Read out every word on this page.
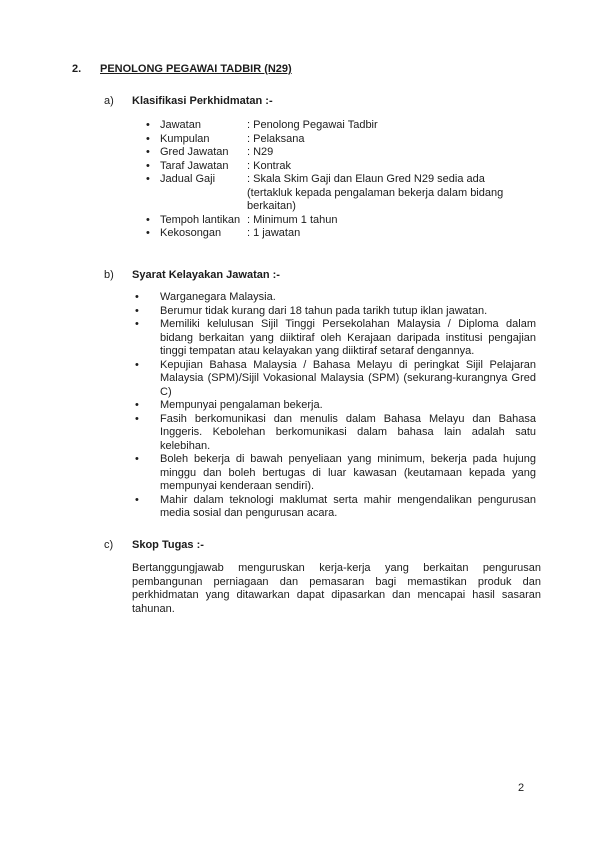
2.	PENOLONG PEGAWAI TADBIR (N29)
a)	Klasifikasi Perkhidmatan :-
• Jawatan	: Penolong Pegawai Tadbir
• Kumpulan	: Pelaksana
• Gred Jawatan	: N29
• Taraf Jawatan	: Kontrak
• Jadual Gaji	: Skala Skim Gaji dan Elaun Gred N29 sedia ada (tertakluk kepada pengalaman bekerja dalam bidang berkaitan)
• Tempoh lantikan : Minimum 1 tahun
• Kekosongan	: 1 jawatan
b)	Syarat Kelayakan Jawatan :-
•	Warganegara Malaysia.
•	Berumur tidak kurang dari 18 tahun pada tarikh tutup iklan jawatan.
•	Memiliki kelulusan Sijil Tinggi Persekolahan Malaysia / Diploma dalam bidang berkaitan yang diiktiraf oleh Kerajaan daripada institusi pengajian tinggi tempatan atau kelayakan yang diiktiraf setaraf dengannya.
•	Kepujian Bahasa Malaysia / Bahasa Melayu di peringkat Sijil Pelajaran Malaysia (SPM)/Sijil Vokasional Malaysia (SPM) (sekurang-kurangnya Gred C)
•	Mempunyai pengalaman bekerja.
•	Fasih berkomunikasi dan menulis dalam Bahasa Melayu dan Bahasa Inggeris. Kebolehan berkomunikasi dalam bahasa lain adalah satu kelebihan.
•	Boleh bekerja di bawah penyeliaan yang minimum, bekerja pada hujung minggu dan boleh bertugas di luar kawasan (keutamaan kepada yang mempunyai kenderaan sendiri).
•	Mahir dalam teknologi maklumat serta mahir mengendalikan pengurusan media sosial dan pengurusan acara.
c)	Skop Tugas :-
Bertanggungjawab menguruskan kerja-kerja yang berkaitan pengurusan pembangunan perniagaan dan pemasaran bagi memastikan produk dan perkhidmatan yang ditawarkan dapat dipasarkan dan mencapai hasil sasaran tahunan.
2
